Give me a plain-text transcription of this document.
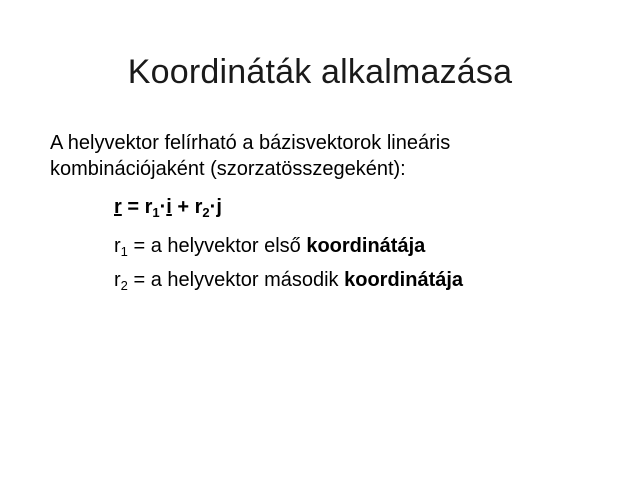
Koordináták alkalmazása
A helyvektor felírható a bázisvektorok lineáris
kombinációjaként (szorzatösszegeként):
$r = r_1\cdot i + r_2\cdot j$
$r_1 = a$ helyvektor első koordinátája
$r_2 = a$ helyvektor második koordinátája
